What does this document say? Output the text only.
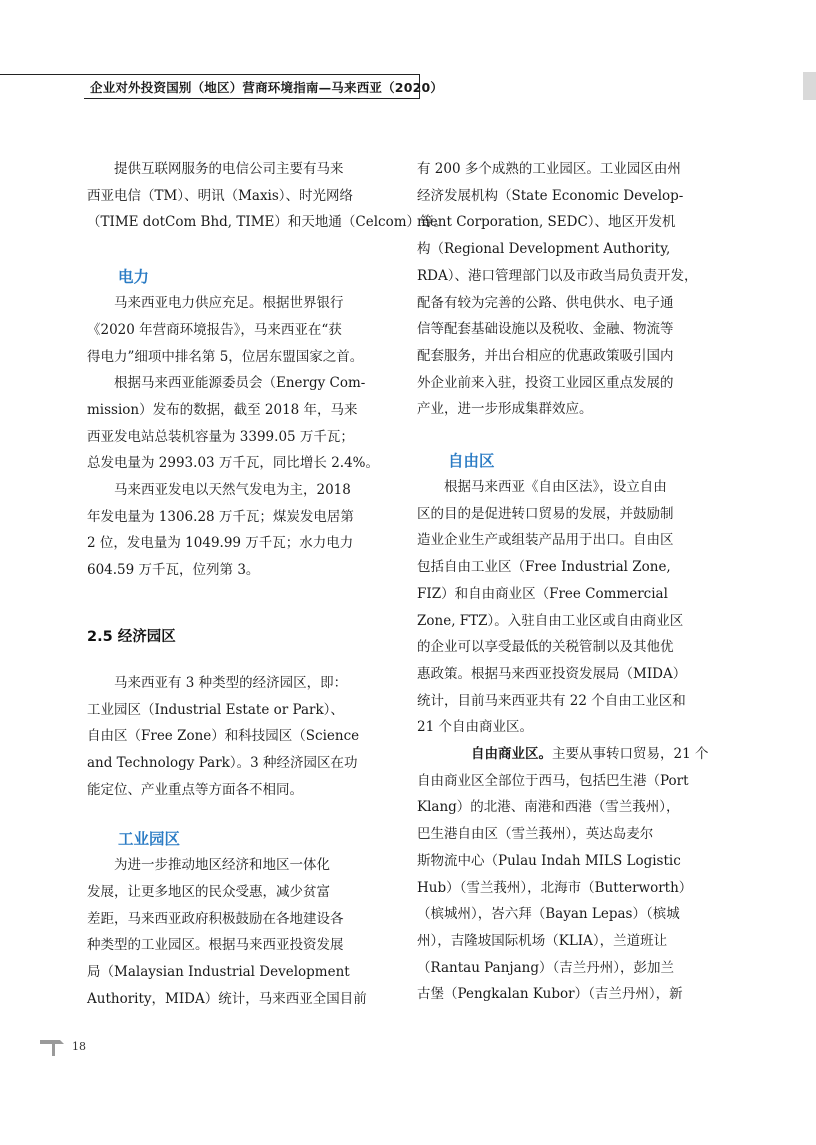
企业对外投资国别（地区）营商环境指南—马来西亚（2020）
提供互联网服务的电信公司主要有马来
西亚电信（TM）、明讯（Maxis）、时光网络
（TIME dotCom Bhd, TIME）和天地通（Celcom）等。
电力
马来西亚电力供应充足。根据世界银行
《2020 年营商环境报告》，马来西亚在“获
得电力”细项中排名第 5，位居东盟国家之首。
根据马来西亚能源委员会（Energy Com-
mission）发布的数据，截至 2018 年，马来
西亚发电站总装机容量为 3399.05 万千瓦；
总发电量为 2993.03 万千瓦，同比增长 2.4%。
马来西亚发电以天然气发电为主，2018
年发电量为 1306.28 万千瓦；煤炭发电居第
2 位，发电量为 1049.99 万千瓦；水力电力
604.59 万千瓦，位列第 3。
2.5 经济园区
马来西亚有 3 种类型的经济园区，即：
工业园区（Industrial Estate or Park）、
自由区（Free Zone）和科技园区（Science
and Technology Park）。3 种经济园区在功
能定位、产业重点等方面各不相同。
工业园区
为进一步推动地区经济和地区一体化
发展，让更多地区的民众受惠，减少贫富
差距，马来西亚政府积极鼓励在各地建设各
种类型的工业园区。根据马来西亚投资发展
局（Malaysian Industrial Development
Authority，MIDA）统计，马来西亚全国目前
有 200 多个成熟的工业园区。工业园区由州
经济发展机构（State Economic Develop-
ment Corporation, SEDC）、地区开发机
构（Regional Development Authority,
RDA）、港口管理部门以及市政当局负责开发，
配备有较为完善的公路、供电供水、电子通
信等配套基础设施以及税收、金融、物流等
配套服务，并出台相应的优惠政策吸引国内
外企业前来入驻，投资工业园区重点发展的
产业，进一步形成集群效应。
自由区
根据马来西亚《自由区法》，设立自由
区的目的是促进转口贸易的发展，并鼓励制
造业企业生产或组装产品用于出口。自由区
包括自由工业区（Free Industrial Zone,
FIZ）和自由商业区（Free Commercial
Zone, FTZ）。入驻自由工业区或自由商业区
的企业可以享受最低的关税管制以及其他优
惠政策。根据马来西亚投资发展局（MIDA）
统计，目前马来西亚共有 22 个自由工业区和
21 个自由商业区。
自由商业区。主要从事转口贸易，21 个
自由商业区全部位于西马，包括巴生港（Port
Klang）的北港、南港和西港（雪兰莪州），
巴生港自由区（雪兰莪州），英达岛麦尔
斯物流中心（Pulau Indah MILS Logistic
Hub）（雪兰莪州），北海市（Butterworth）
（槟城州），峇六拜（Bayan Lepas）（槟城
州），吉隆坡国际机场（KLIA），兰道班让
（Rantau Panjang）（吉兰丹州），彭加兰
古堡（Pengkalan Kubor）（吉兰丹州），新
18
